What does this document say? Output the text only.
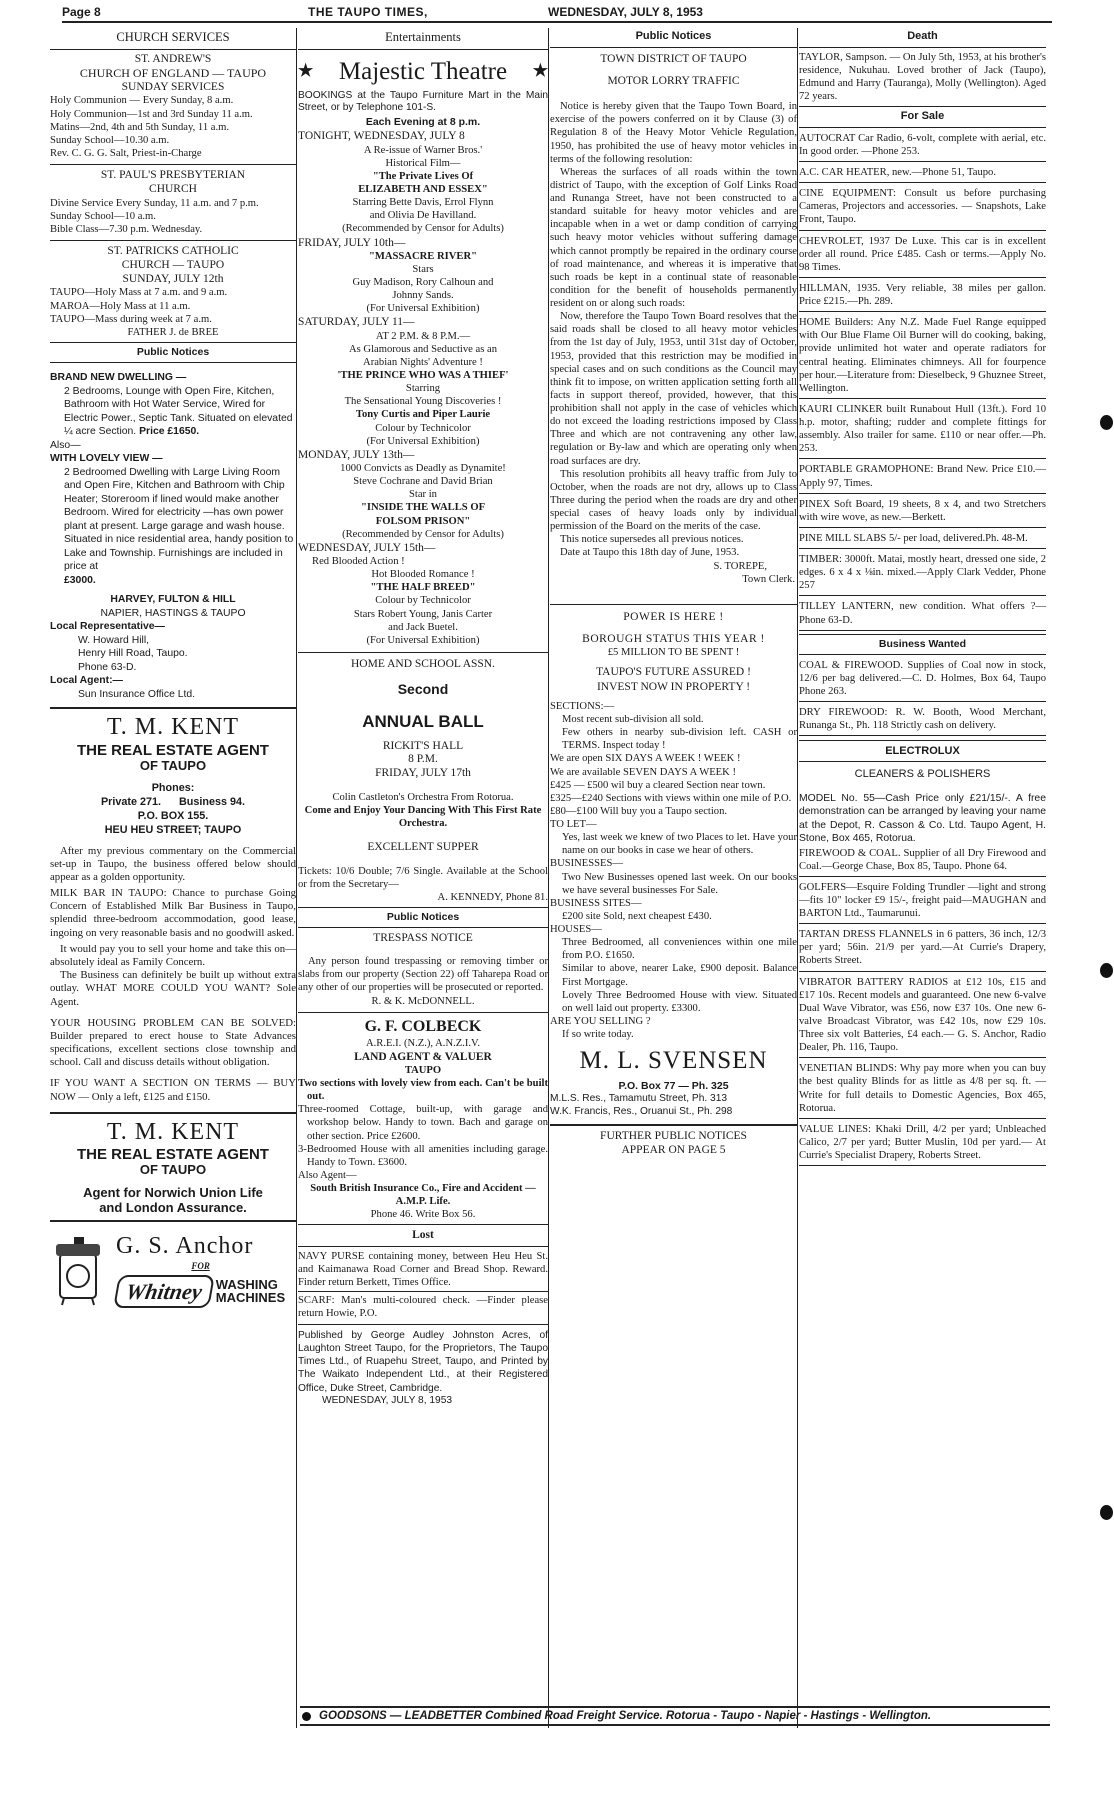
Page 8	THE TAUPO TIMES,	WEDNESDAY, JULY 8, 1953
CHURCH SERVICES
ST. ANDREW'S
CHURCH OF ENGLAND — TAUPO
SUNDAY SERVICES
Holy Communion — Every Sunday, 8 a.m.
Holy Communion—1st and 3rd Sunday 11 a.m.
Matins—2nd, 4th and 5th Sunday, 11 a.m.
Sunday School—10.30 a.m.
Rev. C. G. G. Salt, Priest-in-Charge
ST. PAUL'S PRESBYTERIAN
CHURCH
Divine Service Every Sunday, 11 a.m. and 7 p.m.
Sunday School—10 a.m.
Bible Class—7.30 p.m. Wednesday.
ST. PATRICKS CATHOLIC
CHURCH — TAUPO
SUNDAY, JULY 12th
TAUPO—Holy Mass at 7 a.m. and 9 a.m.
MAROA—Holy Mass at 11 a.m.
TAUPO—Mass during week at 7 a.m.
FATHER J. de BREE
Public Notices
BRAND NEW DWELLING —
2 Bedrooms, Lounge with Open Fire, Kitchen, Bathroom with Hot Water Service, Wired for Electric Power., Septic Tank. Situated on elevated ¼ acre Section. Price £1650.
Also—
WITH LOVELY VIEW —
2 Bedroomed Dwelling with Large Living Room and Open Fire, Kitchen and Bathroom with Chip Heater; Storeroom if lined would make another Bedroom. Wired for electricity —has own power plant at present. Large garage and wash house. Situated in nice residential area, handy position to Lake and Township. Furnishings are included in price at
£3000.
HARVEY, FULTON & HILL
NAPIER, HASTINGS & TAUPO
Local Representative—
W. Howard Hill,
Henry Hill Road, Taupo.
Phone 63-D.
Local Agent:—
Sun Insurance Office Ltd.
T. M. KENT
THE REAL ESTATE AGENT
OF TAUPO
Phones:
Private 271. Business 94.
P.O. BOX 155.
HEU HEU STREET; TAUPO

After my previous commentary on the Commercial set-up in Taupo, the business offered below should appear as a golden opportunity.

MILK BAR IN TAUPO: Chance to purchase Going Concern of Established Milk Bar Business in Taupo, splendid three-bedroom accommodation, good lease, ingoing on very reasonable basis and no goodwill asked.

It would pay you to sell your home and take this on—absolutely ideal as Family Concern.

The Business can definitely be built up without extra outlay. WHAT MORE COULD YOU WANT? Sole Agent.

YOUR HOUSING PROBLEM CAN BE SOLVED: Builder prepared to erect house to State Advances specifications, excellent sections close township and school. Call and discuss details without obligation.

IF YOU WANT A SECTION ON TERMS — BUY NOW — Only a left, £125 and £150.

T. M. KENT
THE REAL ESTATE AGENT
OF TAUPO
Agent for Norwich Union Life
and London Assurance.
G. S. Anchor
FOR
Whitney WASHING
MACHINES
Entertainments
★ Majestic Theatre ★
BOOKINGS at the Taupo Furniture Mart in the Main Street, or by Telephone 101-S.
Each Evening at 8 p.m.
TONIGHT, WEDNESDAY, JULY 8
A Re-issue of Warner Bros.'
Historical Film—
"The Private Lives Of
ELIZABETH AND ESSEX"
Starring Bette Davis, Errol Flynn
and Olivia De Havilland.
(Recommended by Censor for Adults)
FRIDAY, JULY 10th—
"MASSACRE RIVER"
Stars
Guy Madison, Rory Calhoun and
Johnny Sands.
(For Universal Exhibition)
SATURDAY, JULY 11—
AT 2 P.M. & 8 P.M.—
As Glamorous and Seductive as an
Arabian Nights' Adventure !
'THE PRINCE WHO WAS A THIEF'
Starring
The Sensational Young Discoveries !
Tony Curtis and Piper Laurie
Colour by Technicolor
(For Universal Exhibition)
MONDAY, JULY 13th—
1000 Convicts as Deadly as Dynamite!
Steve Cochrane and David Brian
Star in
"INSIDE THE WALLS OF
FOLSOM PRISON"
(Recommended by Censor for Adults)
WEDNESDAY, JULY 15th—
Red Blooded Action !
Hot Blooded Romance !
"THE HALF BREED"
Colour by Technicolor
Stars Robert Young, Janis Carter
and Jack Buetel.
(For Universal Exhibition)
HOME AND SCHOOL ASSN.
Second
ANNUAL BALL
RICKIT'S HALL
8 P.M.
FRIDAY, JULY 17th
Colin Castleton's Orchestra From Rotorua.
Come and Enjoy Your Dancing With This First Rate Orchestra.
EXCELLENT SUPPER
Tickets: 10/6 Double; 7/6 Single. Available at the School or from the Secretary—
A. KENNEDY, Phone 81.
Public Notices
TRESPASS NOTICE
Any person found trespassing or removing timber or slabs from our property (Section 22) off Taharepa Road or any other of our properties will be prosecuted or reported.
R. & K. McDONNELL.
G. F. COLBECK
A.R.E.I. (N.Z.), A.N.Z.I.V.
LAND AGENT & VALUER
TAUPO
Two sections with lovely view from each. Can't be built out.
Three-roomed Cottage, built-up, with garage and workshop below. Handy to town. Bach and garage on other section. Price £2600.
3-Bedroomed House with all amenities including garage. Handy to Town. £3600.
Also Agent—
South British Insurance Co., Fire and Accident — A.M.P. Life.
Phone 46. Write Box 56.
Lost
NAVY PURSE containing money, between Heu Heu St. and Kaimanawa Road Corner and Bread Shop. Reward. Finder return Berkett, Times Office.
SCARF: Man's multi-coloured check. —Finder please return Howie, P.O.
Published by George Audley Johnston Acres, of Laughton Street Taupo, for the Proprietors, The Taupo Times Ltd., of Ruapehu Street, Taupo, and Printed by The Waikato Independent Ltd., at their Registered Office, Duke Street, Cambridge.
WEDNESDAY, JULY 8, 1953
Public Notices
TOWN DISTRICT OF TAUPO
MOTOR LORRY TRAFFIC

Notice is hereby given that the Taupo Town Board, in exercise of the powers conferred on it by Clause (3) of Regulation 8 of the Heavy Motor Vehicle Regulation, 1950, has prohibited the use of heavy motor vehicles in terms of the following resolution:

Whereas the surfaces of all roads within the town district of Taupo, with the exception of Golf Links Road and Runanga Street, have not been constructed to a standard suitable for heavy motor vehicles and are incapable when in a wet or damp condition of carrying such heavy motor vehicles without suffering damage which cannot promptly be repaired in the ordinary course of road maintenance, and whereas it is imperative that such roads be kept in a continual state of reasonable condition for the benefit of households permanently resident on or along such roads:

Now, therefore the Taupo Town Board resolves that the said roads shall be closed to all heavy motor vehicles from the 1st day of July, 1953, until 31st day of October, 1953, provided that this restriction may be modified in special cases and on such conditions as the Council may think fit to impose, on written application setting forth all facts in support thereof, provided, however, that this prohibition shall not apply in the case of vehicles which do not exceed the loading restrictions imposed by Class Three and which are not contravening any other law, regulation or By-law and which are operating only when road surfaces are dry.

This resolution prohibits all heavy traffic from July to October, when the roads are not dry, allows up to Class Three during the period when the roads are dry and other special cases of heavy loads only by individual permission of the Board on the merits of the case.

This notice supersedes all previous notices.

Date at Taupo this 18th day of June, 1953.

S. TOREPE,
Town Clerk.
POWER IS HERE !
BOROUGH STATUS THIS YEAR !
£5 MILLION TO BE SPENT !
TAUPO'S FUTURE ASSURED !
INVEST NOW IN PROPERTY !
SECTIONS:—
Most recent sub-division all sold.
Few others in nearby sub-division left. CASH or TERMS. Inspect today !
We are open SIX DAYS A WEEK ! WEEK !
We are available SEVEN DAYS A WEEK !
£425 — £500 wil buy a cleared Section near town.
£325—£240 Sections with views within one mile of P.O.
£80—£100 Will buy you a Taupo section.
TO LET—
Yes, last week we knew of two Places to let. Have your name on our books in case we hear of others.
BUSINESSES—
Two New Businesses opened last week. On our books we have several businesses For Sale.
BUSINESS SITES—
£200 site Sold, next cheapest £430.
HOUSES—
Three Bedroomed, all conveniences within one mile from P.O. £1650.
Similar to above, nearer Lake, £900 deposit. Balance First Mortgage.
Lovely Three Bedroomed House with view. Situated on well laid out property. £3300.
ARE YOU SELLING ?
If so write today.
M. L. SVENSEN
P.O. Box 77 — Ph. 325
M.L.S. Res., Tamamutu Street, Ph. 313
W.K. Francis, Res., Oruanui St., Ph. 298
FURTHER PUBLIC NOTICES
APPEAR ON PAGE 5
Death
TAYLOR, Sampson. — On July 5th, 1953, at his brother's residence, Nukuhau. Loved brother of Jack (Taupo), Edmund and Harry (Tauranga), Molly (Wellington). Aged 72 years.
For Sale
AUTOCRAT Car Radio, 6-volt, complete with aerial, etc. In good order. —Phone 253.
A.C. CAR HEATER, new.—Phone 51, Taupo.
CINE EQUIPMENT: Consult us before purchasing Cameras, Projectors and accessories. — Snapshots, Lake Front, Taupo.
CHEVROLET, 1937 De Luxe. This car is in excellent order all round. Price £485. Cash or terms.—Apply No. 98 Times.
HILLMAN, 1935. Very reliable, 38 miles per gallon. Price £215.—Ph. 289.
HOME Builders: Any N.Z. Made Fuel Range equipped with Our Blue Flame Oil Burner will do cooking, baking, provide unlimited hot water and operate radiators for central heating. Eliminates chimneys. All for fourpence per hour.—Literature from: Dieselbeck, 9 Ghuznee Street, Wellington.
KAURI CLINKER built Runabout Hull (13ft.). Ford 10 h.p. motor, shafting; rudder and complete fittings for assembly. Also trailer for same. £110 or near offer.—Ph. 253.
PORTABLE GRAMOPHONE: Brand New. Price £10.—Apply 97, Times.
PINEX Soft Board, 19 sheets, 8 x 4, and two Stretchers with wire wove, as new.—Berkett.
PINE MILL SLABS 5/- per load, delivered.Ph. 48-M.
TIMBER: 3000ft. Matai, mostly heart, dressed one side, 2 edges. 6 x 4 x ⅛in. mixed.—Apply Clark Vedder, Phone 257
TILLEY LANTERN, new condition. What offers ?—Phone 63-D.
Business Wanted
COAL & FIREWOOD. Supplies of Coal now in stock, 12/6 per bag delivered.—C. D. Holmes, Box 64, Taupo Phone 263.
DRY FIREWOOD: R. W. Booth, Wood Merchant, Runanga St., Ph. 118 Strictly cash on delivery.
ELECTROLUX
CLEANERS & POLISHERS
MODEL No. 55—Cash Price only £21/15/-. A free demonstration can be arranged by leaving your name at the Depot, R. Casson & Co. Ltd. Taupo Agent, H. Stone, Box 465, Rotorua.
FIREWOOD & COAL. Supplier of all Dry Firewood and Coal.—George Chase, Box 85, Taupo. Phone 64.
GOLFERS—Esquire Folding Trundler —light and strong—fits 10" locker £9 15/-, freight paid—MAUGHAN and BARTON Ltd., Taumarunui.
TARTAN DRESS FLANNELS in 6 patters, 36 inch, 12/3 per yard; 56in. 21/9 per yard.—At Currie's Drapery, Roberts Street.
VIBRATOR BATTERY RADIOS at £12 10s, £15 and £17 10s. Recent models and guaranteed. One new 6-valve Dual Wave Vibrator, was £56, now £37 10s. One new 6-valve Broadcast Vibrator, was £42 10s, now £29 10s. Three six volt Batteries, £4 each.— G. S. Anchor, Radio Dealer, Ph. 116, Taupo.
VENETIAN BLINDS: Why pay more when you can buy the best quality Blinds for as little as 4/8 per sq. ft. —Write for full details to Domestic Agencies, Box 465, Rotorua.
VALUE LINES: Khaki Drill, 4/2 per yard; Unbleached Calico, 2/7 per yard; Butter Muslin, 10d per yard.— At Currie's Specialist Drapery, Roberts Street.
GOODSONS — LEADBETTER Combined Road Freight Service. Rotorua - Taupo - Napier - Hastings - Wellington.
